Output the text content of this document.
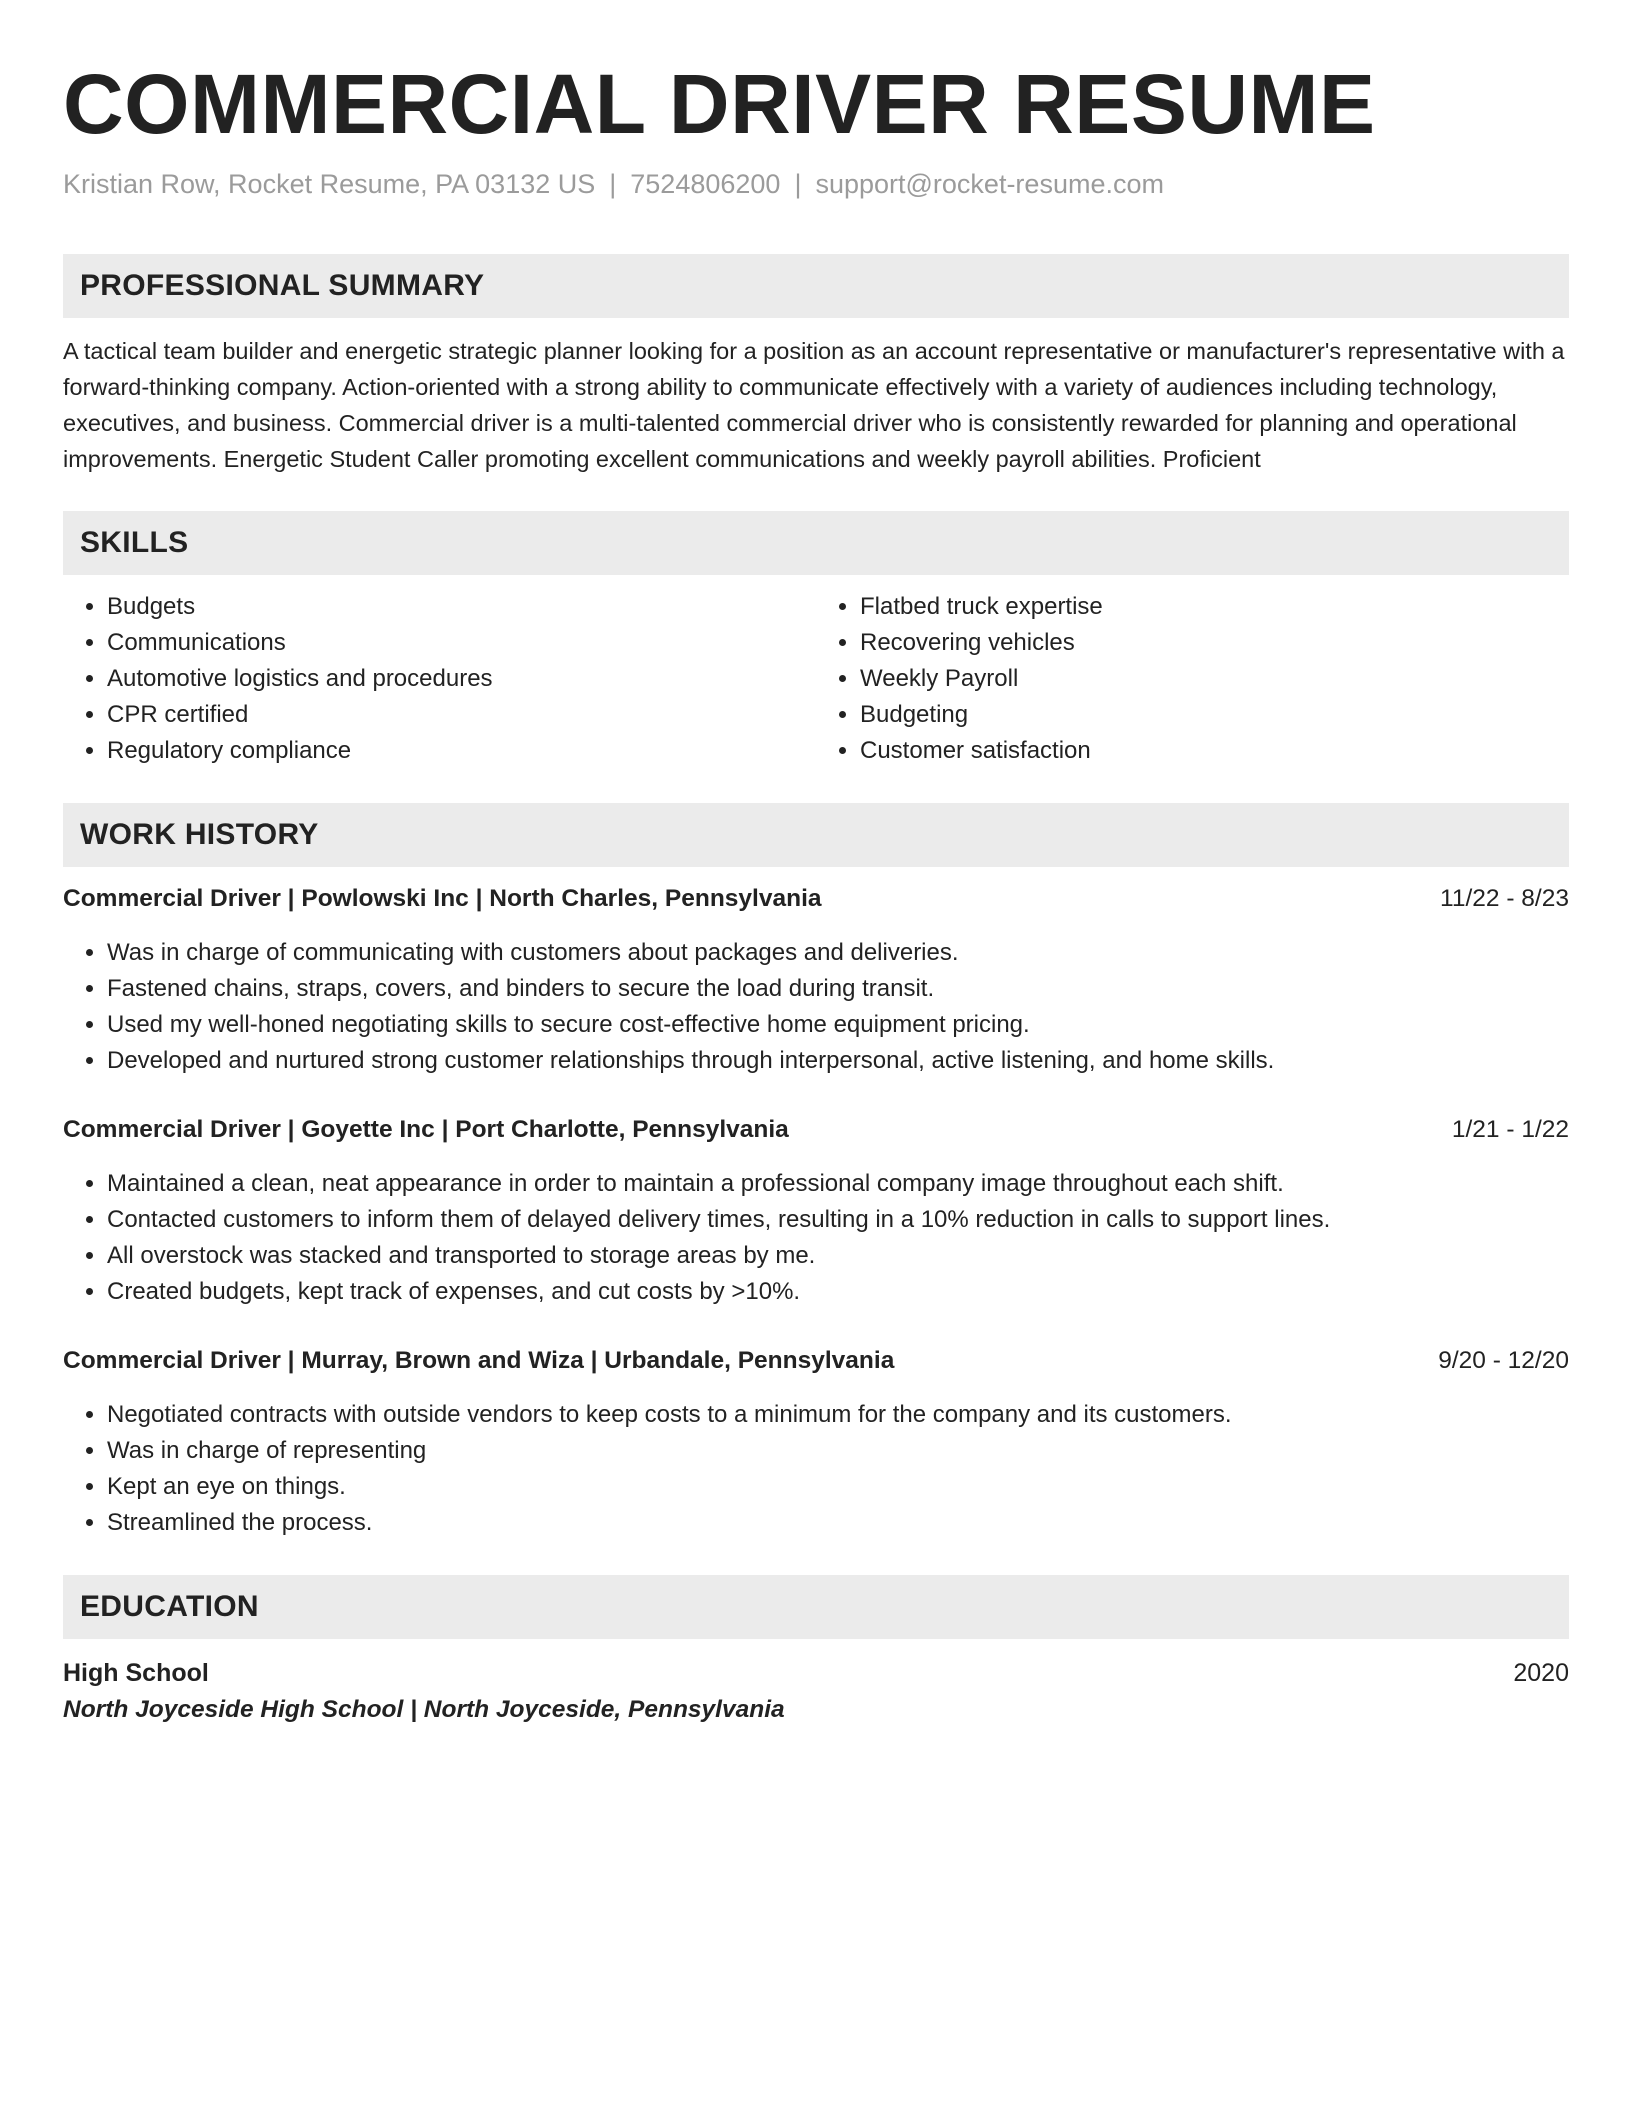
COMMERCIAL DRIVER RESUME
Kristian Row, Rocket Resume, PA 03132 US | 7524806200 | support@rocket-resume.com
PROFESSIONAL SUMMARY
A tactical team builder and energetic strategic planner looking for a position as an account representative or manufacturer's representative with a forward-thinking company. Action-oriented with a strong ability to communicate effectively with a variety of audiences including technology, executives, and business. Commercial driver is a multi-talented commercial driver who is consistently rewarded for planning and operational improvements. Energetic Student Caller promoting excellent communications and weekly payroll abilities. Proficient
SKILLS
• Budgets
• Communications
• Automotive logistics and procedures
• CPR certified
• Regulatory compliance
• Flatbed truck expertise
• Recovering vehicles
• Weekly Payroll
• Budgeting
• Customer satisfaction
WORK HISTORY
Commercial Driver | Powlowski Inc | North Charles, Pennsylvania	11/22 - 8/23
• Was in charge of communicating with customers about packages and deliveries.
• Fastened chains, straps, covers, and binders to secure the load during transit.
• Used my well-honed negotiating skills to secure cost-effective home equipment pricing.
• Developed and nurtured strong customer relationships through interpersonal, active listening, and home skills.
Commercial Driver | Goyette Inc | Port Charlotte, Pennsylvania	1/21 - 1/22
• Maintained a clean, neat appearance in order to maintain a professional company image throughout each shift.
• Contacted customers to inform them of delayed delivery times, resulting in a 10% reduction in calls to support lines.
• All overstock was stacked and transported to storage areas by me.
• Created budgets, kept track of expenses, and cut costs by >10%.
Commercial Driver | Murray, Brown and Wiza | Urbandale, Pennsylvania	9/20 - 12/20
• Negotiated contracts with outside vendors to keep costs to a minimum for the company and its customers.
• Was in charge of representing
• Kept an eye on things.
• Streamlined the process.
EDUCATION
High School	2020
North Joyceside High School | North Joyceside, Pennsylvania
